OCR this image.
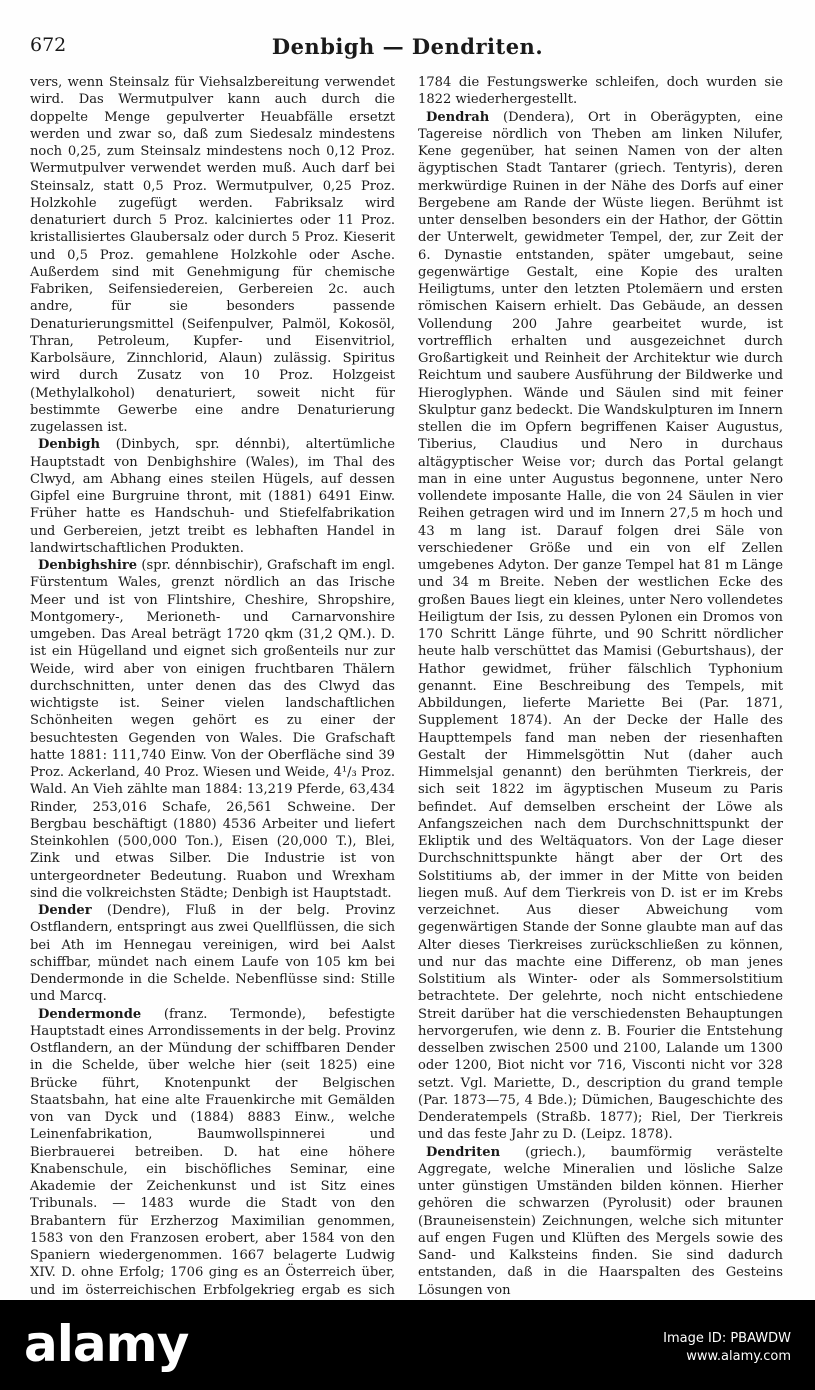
672	Denbigh — Dendriten.

vers, wenn Steinsalz für Viehsalzbereitung verwendet wird. Das Wermutpulver kann auch durch die doppelte Menge gepulverter Heuabfälle ersetzt werden und zwar so, daß zum Siedesalz mindestens noch 0,25, zum Steinsalz mindestens noch 0,12 Proz. Wermutpulver verwendet werden muß. Auch darf bei Steinsalz, statt 0,5 Proz. Wermutpulver, 0,25 Proz. Holzkohle zugefügt werden. Fabriksalz wird denaturiert durch 5 Proz. kalciniertes oder 11 Proz. kristallisiertes Glaubersalz oder durch 5 Proz. Kieserit und 0,5 Proz. gemahlene Holzkohle oder Asche. Außerdem sind mit Genehmigung für chemische Fabriken, Seifensiedereien, Gerbereien 2c. auch andre, für sie besonders passende Denaturierungsmittel (Seifenpulver, Palmöl, Kokosöl, Thran, Petroleum, Kupfer- und Eisenvitriol, Karbolsäure, Zinnchlorid, Alaun) zulässig. Spiritus wird durch Zusatz von 10 Proz. Holzgeist (Methylalkohol) denaturiert, soweit nicht für bestimmte Gewerbe eine andre Denaturierung zugelassen ist.

Denbigh (Dinbych, spr. dénnbi), altertümliche Hauptstadt von Denbighshire (Wales), im Thal des Clwyd, am Abhang eines steilen Hügels, auf dessen Gipfel eine Burgruine thront, mit (1881) 6491 Einw. Früher hatte es Handschuh- und Stiefelfabrikation und Gerbereien, jetzt treibt es lebhaften Handel in landwirtschaftlichen Produkten.

Denbighshire (spr. dénnbischir), Grafschaft im engl. Fürstentum Wales, grenzt nördlich an das Irische Meer und ist von Flintshire, Cheshire, Shropshire, Montgomery-, Merioneth- und Carnarvonshire umgeben. Das Areal beträgt 1720 qkm (31,2 QM.). D. ist ein Hügelland und eignet sich großenteils nur zur Weide, wird aber von einigen fruchtbaren Thälern durchschnitten, unter denen das des Clwyd das wichtigste ist. Seiner vielen landschaftlichen Schönheiten wegen gehört es zu einer der besuchtesten Gegenden von Wales. Die Grafschaft hatte 1881: 111,740 Einw. Von der Oberfläche sind 39 Proz. Ackerland, 40 Proz. Wiesen und Weide, 4¹/₃ Proz. Wald. An Vieh zählte man 1884: 13,219 Pferde, 63,434 Rinder, 253,016 Schafe, 26,561 Schweine. Der Bergbau beschäftigt (1880) 4536 Arbeiter und liefert Steinkohlen (500,000 Ton.), Eisen (20,000 T.), Blei, Zink und etwas Silber. Die Industrie ist von untergeordneter Bedeutung. Ruabon und Wrexham sind die volkreichsten Städte; Denbigh ist Hauptstadt.

Dender (Dendre), Fluß in der belg. Provinz Ostflandern, entspringt aus zwei Quellflüssen, die sich bei Ath im Hennegau vereinigen, wird bei Aalst schiffbar, mündet nach einem Laufe von 105 km bei Dendermonde in die Schelde. Nebenflüsse sind: Stille und Marcq.

Dendermonde (franz. Termonde), befestigte Hauptstadt eines Arrondissements in der belg. Provinz Ostflandern, an der Mündung der schiffbaren Dender in die Schelde, über welche hier (seit 1825) eine Brücke führt, Knotenpunkt der Belgischen Staatsbahn, hat eine alte Frauenkirche mit Gemälden von van Dyck und (1884) 8883 Einw., welche Leinenfabrikation, Baumwollspinnerei und Bierbrauerei betreiben. D. hat eine höhere Knabenschule, ein bischöfliches Seminar, eine Akademie der Zeichenkunst und ist Sitz eines Tribunals. — 1483 wurde die Stadt von den Brabantern für Erzherzog Maximilian genommen, 1583 von den Franzosen erobert, aber 1584 von den Spaniern wiedergenommen. 1667 belagerte Ludwig XIV. D. ohne Erfolg; 1706 ging es an Österreich über, und im österreichischen Erbfolgekrieg ergab es sich

1784 die Festungswerke schleifen, doch wurden sie 1822 wiederhergestellt.

Dendrah (Dendera), Ort in Oberägypten, eine Tagereise nördlich von Theben am linken Nilufer, Kene gegenüber, hat seinen Namen von der alten ägyptischen Stadt Tantarer (griech. Tentyris), deren merkwürdige Ruinen in der Nähe des Dorfs auf einer Bergebene am Rande der Wüste liegen. Berühmt ist unter denselben besonders ein der Hathor, der Göttin der Unterwelt, gewidmeter Tempel, der, zur Zeit der 6. Dynastie entstanden, später umgebaut, seine gegenwärtige Gestalt, eine Kopie des uralten Heiligtums, unter den letzten Ptolemäern und ersten römischen Kaisern erhielt. Das Gebäude, an dessen Vollendung 200 Jahre gearbeitet wurde, ist vortrefflich erhalten und ausgezeichnet durch Großartigkeit und Reinheit der Architektur wie durch Reichtum und saubere Ausführung der Bildwerke und Hieroglyphen. Wände und Säulen sind mit feiner Skulptur ganz bedeckt. Die Wandskulpturen im Innern stellen die im Opfern begriffenen Kaiser Augustus, Tiberius, Claudius und Nero in durchaus altägyptischer Weise vor; durch das Portal gelangt man in eine unter Augustus begonnene, unter Nero vollendete imposante Halle, die von 24 Säulen in vier Reihen getragen wird und im Innern 27,5 m hoch und 43 m lang ist. Darauf folgen drei Säle von verschiedener Größe und ein von elf Zellen umgebenes Adyton. Der ganze Tempel hat 81 m Länge und 34 m Breite. Neben der westlichen Ecke des großen Baues liegt ein kleines, unter Nero vollendetes Heiligtum der Isis, zu dessen Pylonen ein Dromos von 170 Schritt Länge führte, und 90 Schritt nördlicher heute halb verschüttet das Mamisi (Geburtshaus), der Hathor gewidmet, früher fälschlich Typhonium genannt. Eine Beschreibung des Tempels, mit Abbildungen, lieferte Mariette Bei (Par. 1871, Supplement 1874). An der Decke der Halle des Haupttempels fand man neben der riesenhaften Gestalt der Himmelsgöttin Nut (daher auch Himmelsjal genannt) den berühmten Tierkreis, der sich seit 1822 im ägyptischen Museum zu Paris befindet. Auf demselben erscheint der Löwe als Anfangszeichen nach dem Durchschnittspunkt der Ekliptik und des Weltäquators. Von der Lage dieser Durchschnittspunkte hängt aber der Ort des Solstitiums ab, der immer in der Mitte von beiden liegen muß. Auf dem Tierkreis von D. ist er im Krebs verzeichnet. Aus dieser Abweichung vom gegenwärtigen Stande der Sonne glaubte man auf das Alter dieses Tierkreises zurückschließen zu können, und nur das machte eine Differenz, ob man jenes Solstitium als Winter- oder als Sommersolstitium betrachtete. Der gelehrte, noch nicht entschiedene Streit darüber hat die verschiedensten Behauptungen hervorgerufen, wie denn z. B. Fourier die Entstehung desselben zwischen 2500 und 2100, Lalande um 1300 oder 1200, Biot nicht vor 716, Visconti nicht vor 328 setzt. Vgl. Mariette, D., description du grand temple (Par. 1873—75, 4 Bde.); Dümichen, Baugeschichte des Denderatempels (Straßb. 1877); Riel, Der Tierkreis und das feste Jahr zu D. (Leipz. 1878).

Dendriten (griech.), baumförmig verästelte Aggregate, welche Mineralien und lösliche Salze unter günstigen Umständen bilden können. Hierher gehören die schwarzen (Pyrolusit) oder braunen (Brauneisenstein) Zeichnungen, welche sich mitunter auf engen Fugen und Klüften des Mergels sowie des Sand- und Kalksteins finden. Sie sind dadurch entstanden, daß in die Haarspalten des Gesteins Lösungen von

alamy	Image ID: PBAWDW
www.alamy.com
